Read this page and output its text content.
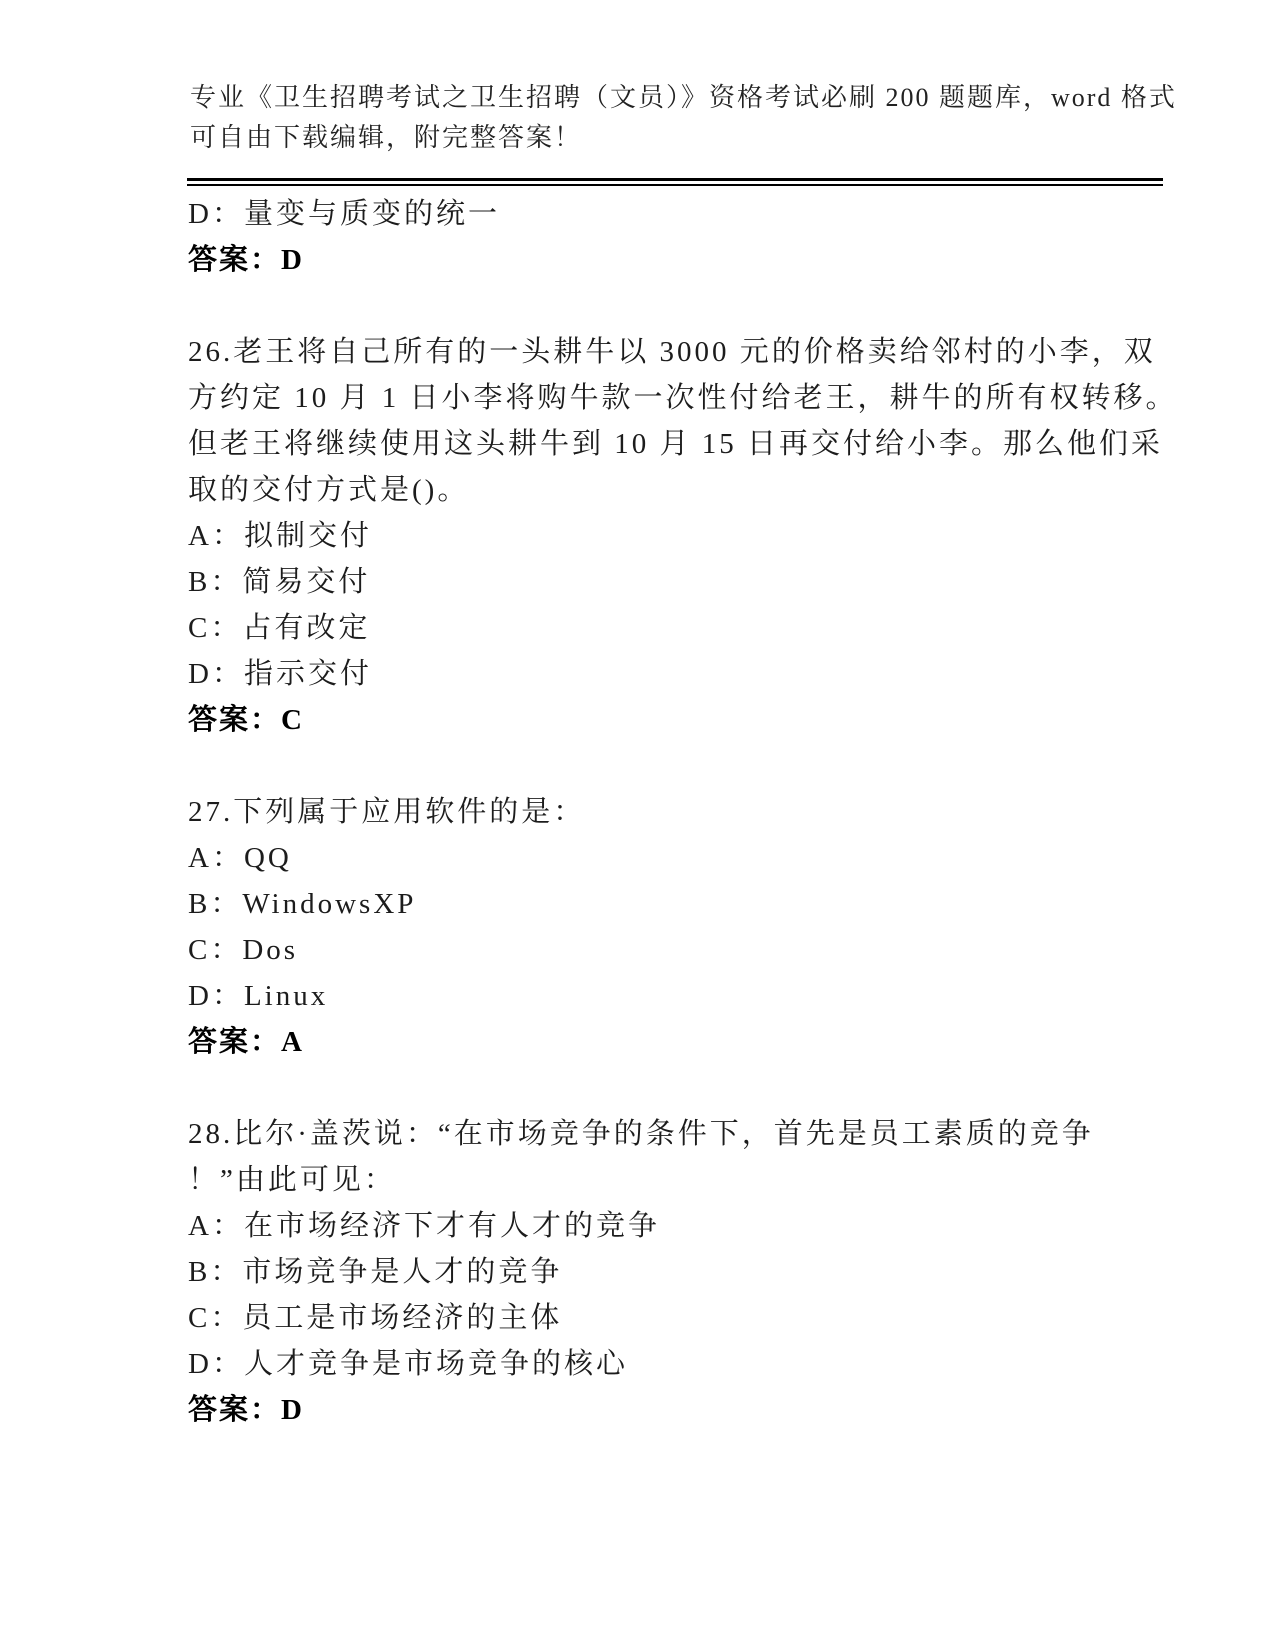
专业《卫生招聘考试之卫生招聘（文员）》资格考试必刷 200 题题库，word 格式
可自由下载编辑，附完整答案！
D：量变与质变的统一
答案：D
26.老王将自己所有的一头耕牛以 3000 元的价格卖给邻村的小李，双
方约定 10 月 1 日小李将购牛款一次性付给老王，耕牛的所有权转移。
但老王将继续使用这头耕牛到 10 月 15 日再交付给小李。那么他们采
取的交付方式是()。
A：拟制交付
B：简易交付
C：占有改定
D：指示交付
答案：C
27.下列属于应用软件的是：
A：QQ
B：WindowsXP
C：Dos
D：Linux
答案：A
28.比尔·盖茨说：“在市场竞争的条件下，首先是员工素质的竞争
！”由此可见：
A：在市场经济下才有人才的竞争
B：市场竞争是人才的竞争
C：员工是市场经济的主体
D：人才竞争是市场竞争的核心
答案：D
